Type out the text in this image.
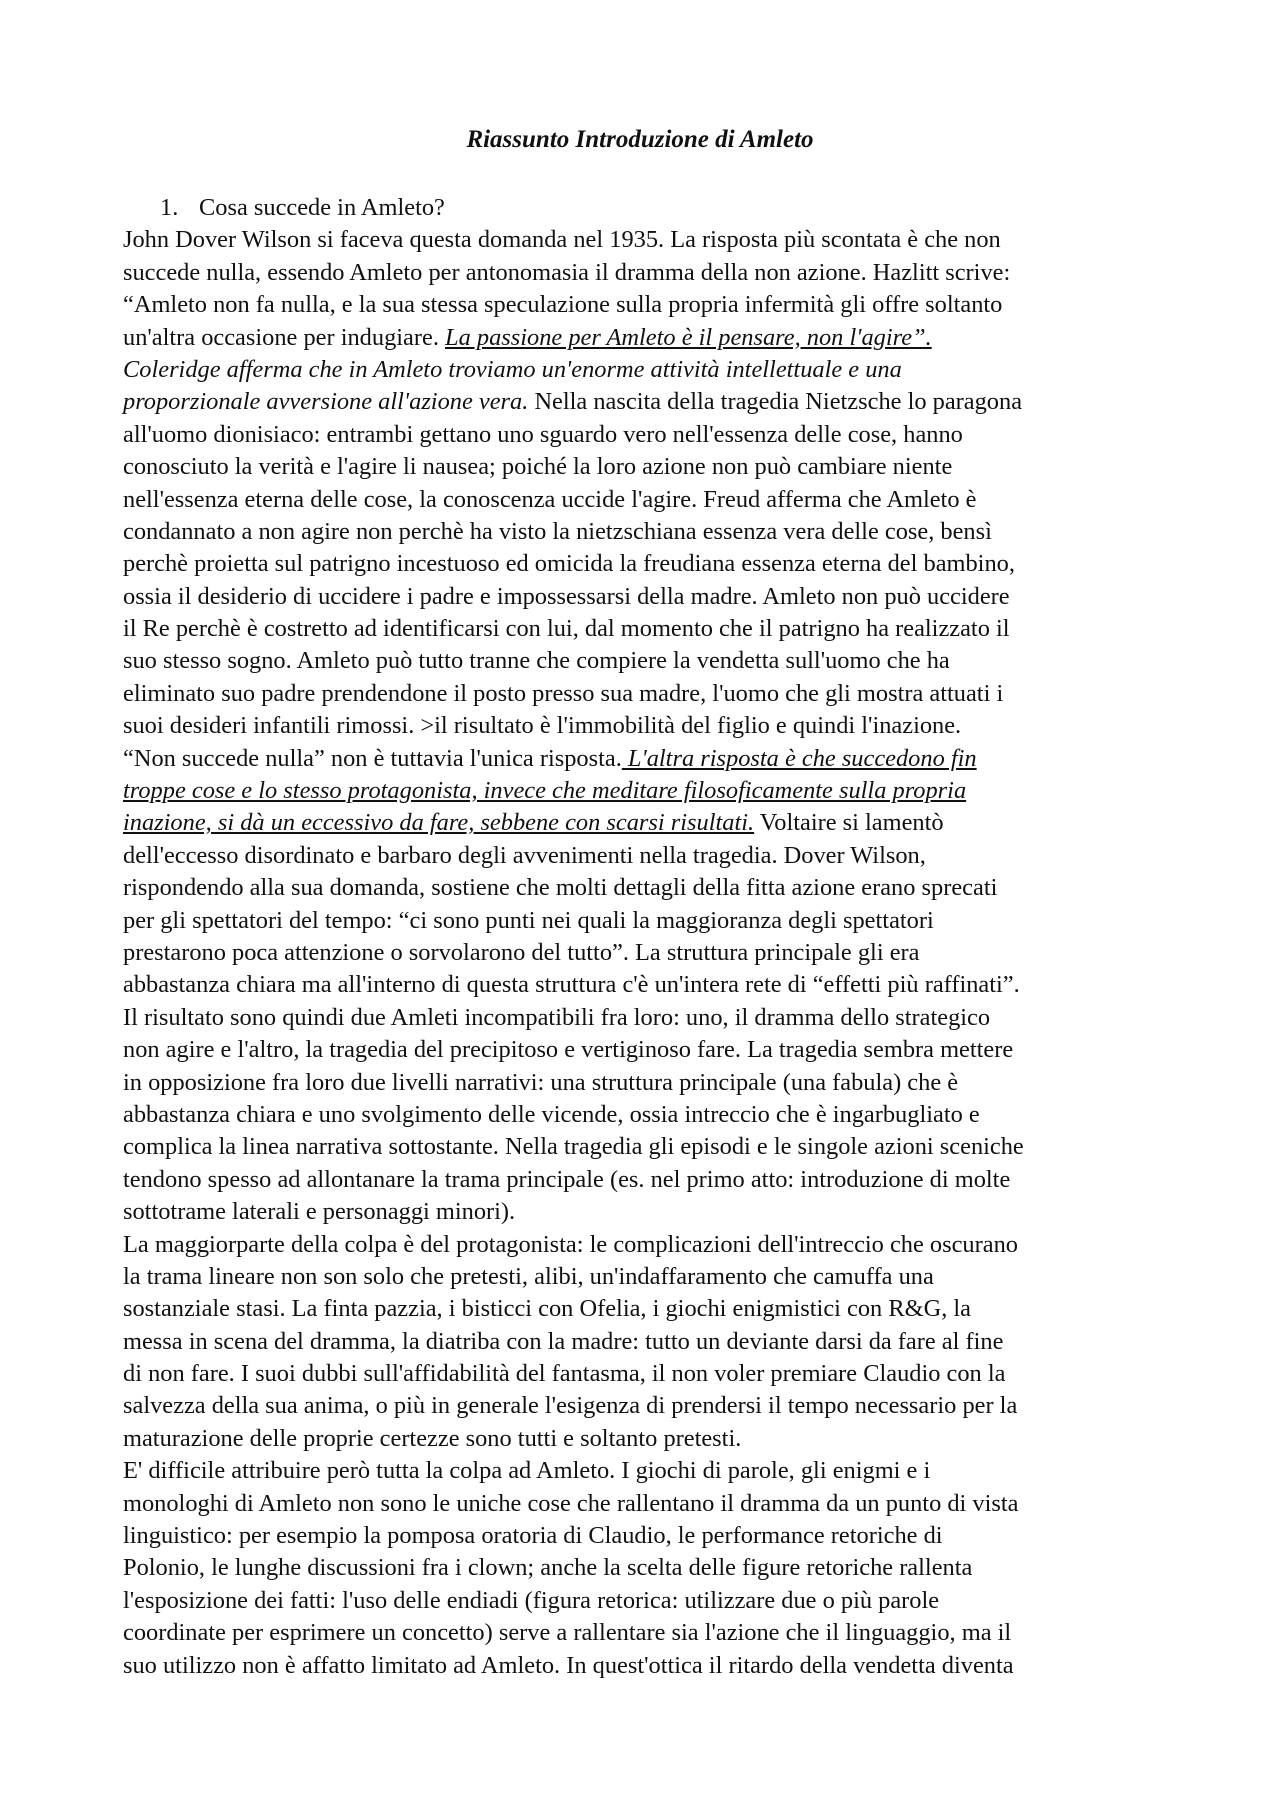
Riassunto Introduzione di Amleto
1. Cosa succede in Amleto?
John Dover Wilson si faceva questa domanda nel 1935. La risposta più scontata è che non
succede nulla, essendo Amleto per antonomasia il dramma della non azione. Hazlitt scrive:
“Amleto non fa nulla, e la sua stessa speculazione sulla propria infermità gli offre soltanto
un'altra occasione per indugiare. La passione per Amleto è il pensare, non l'agire”.
Coleridge afferma che in Amleto troviamo un'enorme attività intellettuale e una
proporzionale avversione all'azione vera. Nella nascita della tragedia Nietzsche lo paragona
all'uomo dionisiaco: entrambi gettano uno sguardo vero nell'essenza delle cose, hanno
conosciuto la verità e l'agire li nausea; poiché la loro azione non può cambiare niente
nell'essenza eterna delle cose, la conoscenza uccide l'agire. Freud afferma che Amleto è
condannato a non agire non perchè ha visto la nietzschiana essenza vera delle cose, bensì
perchè proietta sul patrigno incestuoso ed omicida la freudiana essenza eterna del bambino,
ossia il desiderio di uccidere i padre e impossessarsi della madre. Amleto non può uccidere
il Re perchè è costretto ad identificarsi con lui, dal momento che il patrigno ha realizzato il
suo stesso sogno. Amleto può tutto tranne che compiere la vendetta sull'uomo che ha
eliminato suo padre prendendone il posto presso sua madre, l'uomo che gli mostra attuati i
suoi desideri infantili rimossi. >il risultato è l'immobilità del figlio e quindi l'inazione.
“Non succede nulla” non è tuttavia l'unica risposta. L'altra risposta è che succedono fin
troppe cose e lo stesso protagonista, invece che meditare filosoficamente sulla propria
inazione, si dà un eccessivo da fare, sebbene con scarsi risultati. Voltaire si lamentò
dell'eccesso disordinato e barbaro degli avvenimenti nella tragedia. Dover Wilson,
rispondendo alla sua domanda, sostiene che molti dettagli della fitta azione erano sprecati
per gli spettatori del tempo: “ci sono punti nei quali la maggioranza degli spettatori
prestarono poca attenzione o sorvolarono del tutto”. La struttura principale gli era
abbastanza chiara ma all'interno di questa struttura c'è un'intera rete di “effetti più raffinati”.
Il risultato sono quindi due Amleti incompatibili fra loro: uno, il dramma dello strategico
non agire e l'altro, la tragedia del precipitoso e vertiginoso fare. La tragedia sembra mettere
in opposizione fra loro due livelli narrativi: una struttura principale (una fabula) che è
abbastanza chiara e uno svolgimento delle vicende, ossia intreccio che è ingarbugliato e
complica la linea narrativa sottostante. Nella tragedia gli episodi e le singole azioni sceniche
tendono spesso ad allontanare la trama principale (es. nel primo atto: introduzione di molte
sottotrame laterali e personaggi minori).
La maggiorparte della colpa è del protagonista: le complicazioni dell'intreccio che oscurano
la trama lineare non son solo che pretesti, alibi, un'indaffaramento che camuffa una
sostanziale stasi. La finta pazzia, i bisticci con Ofelia, i giochi enigmistici con R&G, la
messa in scena del dramma, la diatriba con la madre: tutto un deviante darsi da fare al fine
di non fare. I suoi dubbi sull'affidabilità del fantasma, il non voler premiare Claudio con la
salvezza della sua anima, o più in generale l'esigenza di prendersi il tempo necessario per la
maturazione delle proprie certezze sono tutti e soltanto pretesti.
E' difficile attribuire però tutta la colpa ad Amleto. I giochi di parole, gli enigmi e i
monologhi di Amleto non sono le uniche cose che rallentano il dramma da un punto di vista
linguistico: per esempio la pomposa oratoria di Claudio, le performance retoriche di
Polonio, le lunghe discussioni fra i clown; anche la scelta delle figure retoriche rallenta
l'esposizione dei fatti: l'uso delle endiadi (figura retorica: utilizzare due o più parole
coordinate per esprimere un concetto) serve a rallentare sia l'azione che il linguaggio, ma il
suo utilizzo non è affatto limitato ad Amleto. In quest'ottica il ritardo della vendetta diventa
